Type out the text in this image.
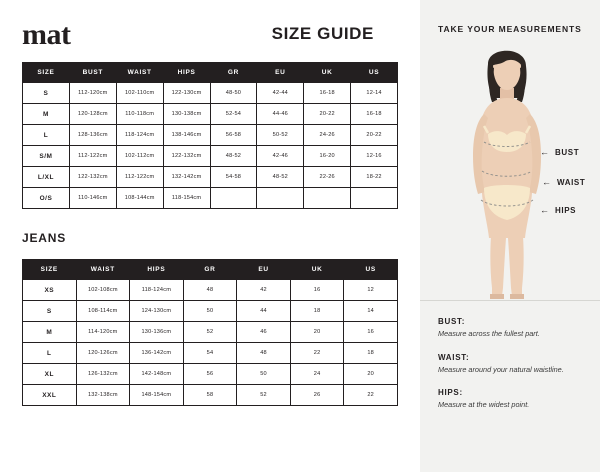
mat	SIZE GUIDE
SIZE	BUST	WAIST	HIPS	GR	EU	UK	US
S	112-120cm	102-110cm	122-130cm	48-50	42-44	16-18	12-14
M	120-128cm	110-118cm	130-138cm	52-54	44-46	20-22	16-18
L	128-136cm	118-124cm	138-146cm	56-58	50-52	24-26	20-22
S/M	112-122cm	102-112cm	122-132cm	48-52	42-46	16-20	12-16
L/XL	122-132cm	112-122cm	132-142cm	54-58	48-52	22-26	18-22
O/S	110-146cm	108-144cm	118-154cm				
JEANS
SIZE	WAIST	HIPS	GR	EU	UK	US
XS	102-108cm	118-124cm	48	42	16	12
S	108-114cm	124-130cm	50	44	18	14
M	114-120cm	130-136cm	52	46	20	16
L	120-126cm	136-142cm	54	48	22	18
XL	126-132cm	142-148cm	56	50	24	20
XXL	132-138cm	148-154cm	58	52	26	22
TAKE YOUR MEASUREMENTS
← BUST
← WAIST
← HIPS
BUST:
Measure across the fullest part.
WAIST:
Measure around your natural waistline.
HIPS:
Measure at the widest point.
